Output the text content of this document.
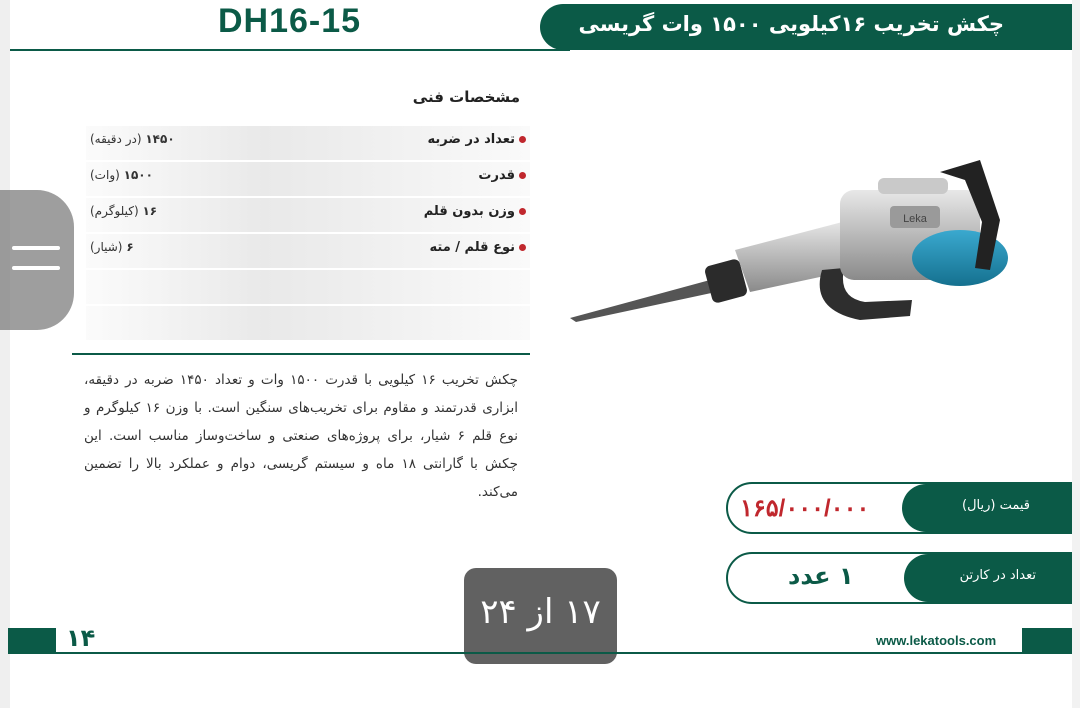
DH16-15	چکش تخریب ۱۶کیلویی ۱۵۰۰ وات گریسی
مشخصات فنی
تعداد در ضربه
۱۴۵۰ (در دقیقه)
قدرت
۱۵۰۰ (وات)
وزن بدون قلم
۱۶ (کیلوگرم)
نوع قلم / مته
۶ (شیار)
چکش تخریب ۱۶ کیلویی با قدرت ۱۵۰۰ وات و تعداد ۱۴۵۰ ضربه در دقیقه، ابزاری قدرتمند و مقاوم برای تخریب‌های سنگین است. با وزن ۱۶ کیلوگرم و نوع قلم ۶ شیار، برای پروژه‌های صنعتی و ساخت‌وساز مناسب است. این چکش با گارانتی ۱۸ ماه و سیستم گریسی، دوام و عملکرد بالا را تضمین می‌کند.
Leka
قیمت (ریال)
۱۶۵/۰۰۰/۰۰۰
تعداد در کارتن
۱ عدد
۱۷ از ۲۴
۱۴	www.lekatools.com
